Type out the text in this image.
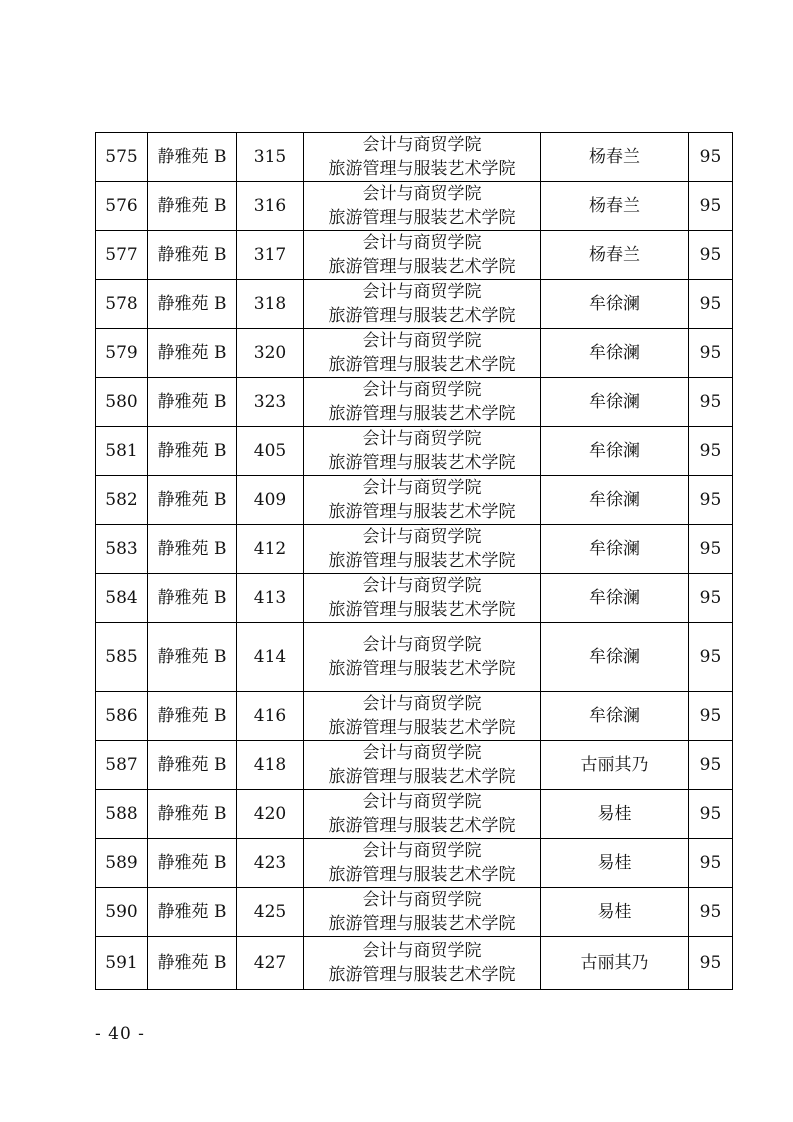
575	静雅苑 B	315	会计与商贸学院
旅游管理与服装艺术学院	杨春兰	95
576	静雅苑 B	316	会计与商贸学院
旅游管理与服装艺术学院	杨春兰	95
577	静雅苑 B	317	会计与商贸学院
旅游管理与服装艺术学院	杨春兰	95
578	静雅苑 B	318	会计与商贸学院
旅游管理与服装艺术学院	牟徐澜	95
579	静雅苑 B	320	会计与商贸学院
旅游管理与服装艺术学院	牟徐澜	95
580	静雅苑 B	323	会计与商贸学院
旅游管理与服装艺术学院	牟徐澜	95
581	静雅苑 B	405	会计与商贸学院
旅游管理与服装艺术学院	牟徐澜	95
582	静雅苑 B	409	会计与商贸学院
旅游管理与服装艺术学院	牟徐澜	95
583	静雅苑 B	412	会计与商贸学院
旅游管理与服装艺术学院	牟徐澜	95
584	静雅苑 B	413	会计与商贸学院
旅游管理与服装艺术学院	牟徐澜	95
585	静雅苑 B	414	会计与商贸学院
旅游管理与服装艺术学院	牟徐澜	95
586	静雅苑 B	416	会计与商贸学院
旅游管理与服装艺术学院	牟徐澜	95
587	静雅苑 B	418	会计与商贸学院
旅游管理与服装艺术学院	古丽其乃	95
588	静雅苑 B	420	会计与商贸学院
旅游管理与服装艺术学院	易桂	95
589	静雅苑 B	423	会计与商贸学院
旅游管理与服装艺术学院	易桂	95
590	静雅苑 B	425	会计与商贸学院
旅游管理与服装艺术学院	易桂	95
591	静雅苑 B	427	会计与商贸学院
旅游管理与服装艺术学院	古丽其乃	95
- 40 -
